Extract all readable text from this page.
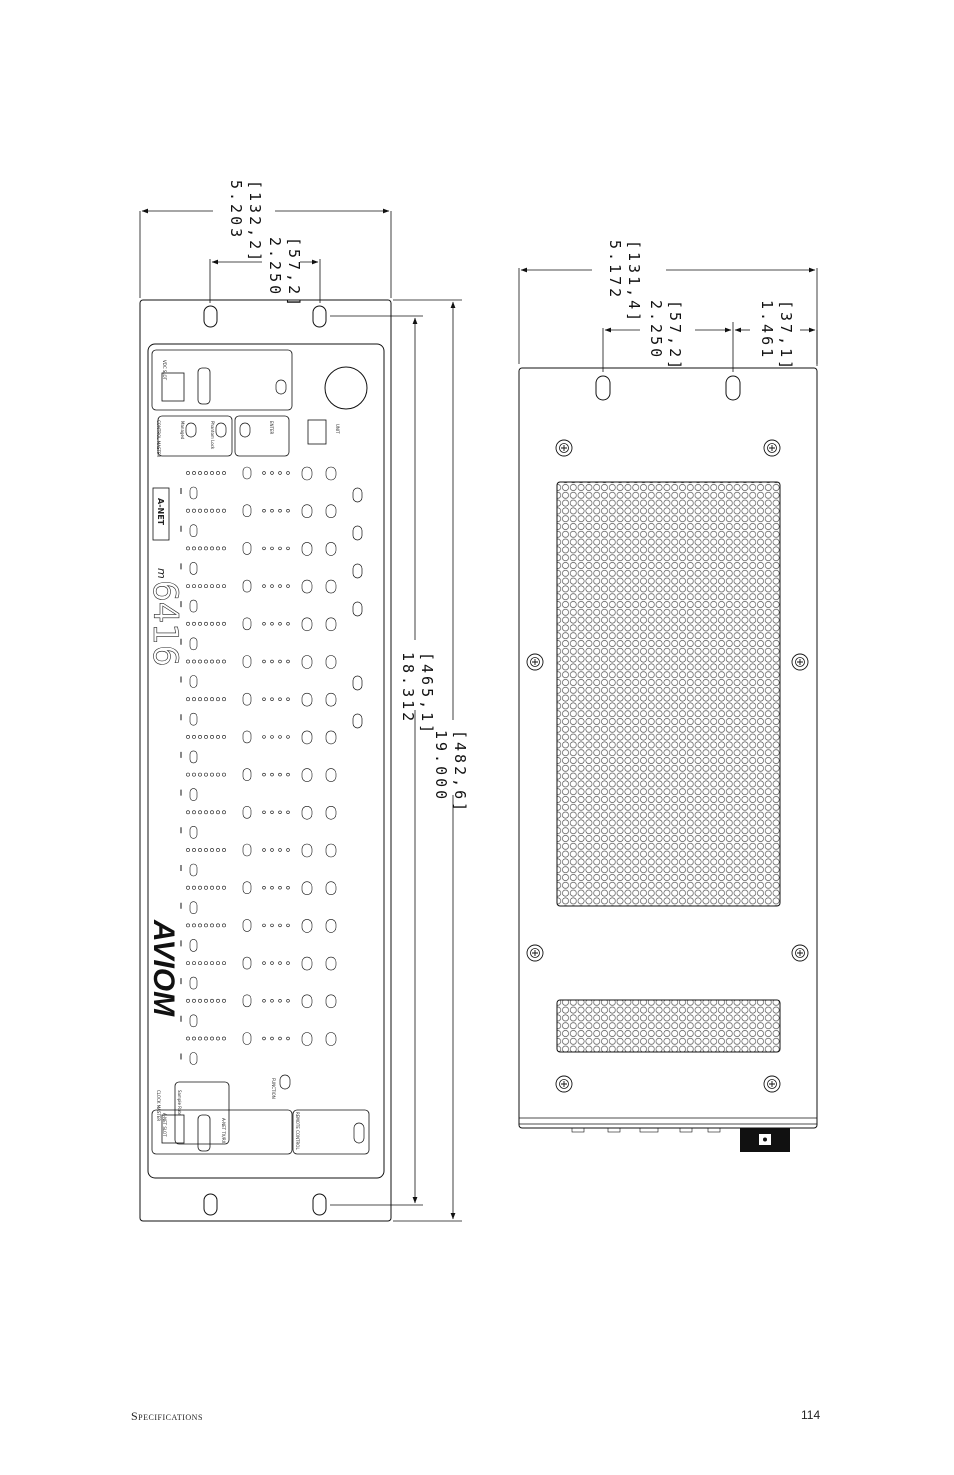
VDC SLOT
CONTROL MASTER	Managed	Phantom Lock	ENTER	UNIT
A-NET
6416
m
AVIOM
CLOCK MASTER	Sample Rate
A-NET SLOT	A-NET TX/RX	REMOTE CONTROL
FUNCTION
5.203 [132,2]
2.250 [57,2]
18.312 [465,1]
19.000 [482,6]
5.172 [131,4]
2.250 [57,2]	1.461 [37,1]
Specifications	114
